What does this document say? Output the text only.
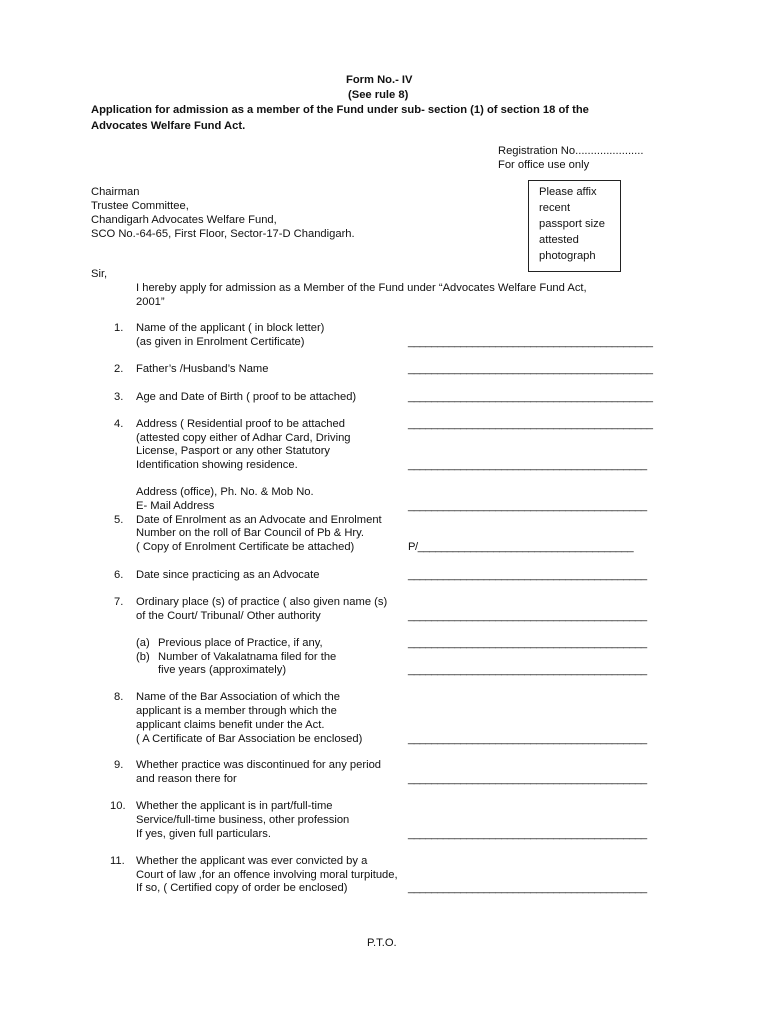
Form No.- IV
(See rule 8)
Application for admission as a member of the Fund under sub- section (1) of section 18 of the
Advocates Welfare Fund Act.
Registration No......................
For office use only
Please affix
recent
passport size
attested
photograph
Chairman
Trustee Committee,
Chandigarh Advocates Welfare Fund,
SCO No.-64-65, First Floor, Sector-17-D Chandigarh.
Sir,
I hereby apply for admission as a Member of the Fund under “Advocates Welfare Fund Act,
2001”
1. Name of the applicant ( in block letter)
(as given in Enrolment Certificate)	__________________________________________
2. Father’s /Husband’s Name	__________________________________________
3. Age and Date of Birth ( proof to be attached)	__________________________________________
4. Address ( Residential proof to be attached	__________________________________________
(attested copy either of Adhar Card, Driving
License, Pasport or any other Statutory
Identification showing residence.	_________________________________________
Address (office), Ph. No. & Mob No.
E- Mail Address	_________________________________________
5. Date of Enrolment as an Advocate and Enrolment
Number on the roll of Bar Council of Pb & Hry.
( Copy of Enrolment Certificate be attached)	P/_____________________________________
6. Date since practicing as an Advocate	_________________________________________
7. Ordinary place (s) of practice ( also given name (s)
of the Court/ Tribunal/ Other authority	_________________________________________
(a) Previous place of Practice, if any,	_________________________________________
(b) Number of Vakalatnama filed for the
five years (approximately)	_________________________________________
8. Name of the Bar Association of which the
applicant is a member through which the
applicant claims benefit under the Act.
( A Certificate of Bar Association be enclosed)	_________________________________________
9. Whether practice was discontinued for any period
and reason there for	_________________________________________
10. Whether the applicant is in part/full-time
Service/full-time business, other profession
If yes, given full particulars.	_________________________________________
11. Whether the applicant was ever convicted by a
Court of law ,for an offence involving moral turpitude,
If so, ( Certified copy of order be enclosed)	_________________________________________
P.T.O.
